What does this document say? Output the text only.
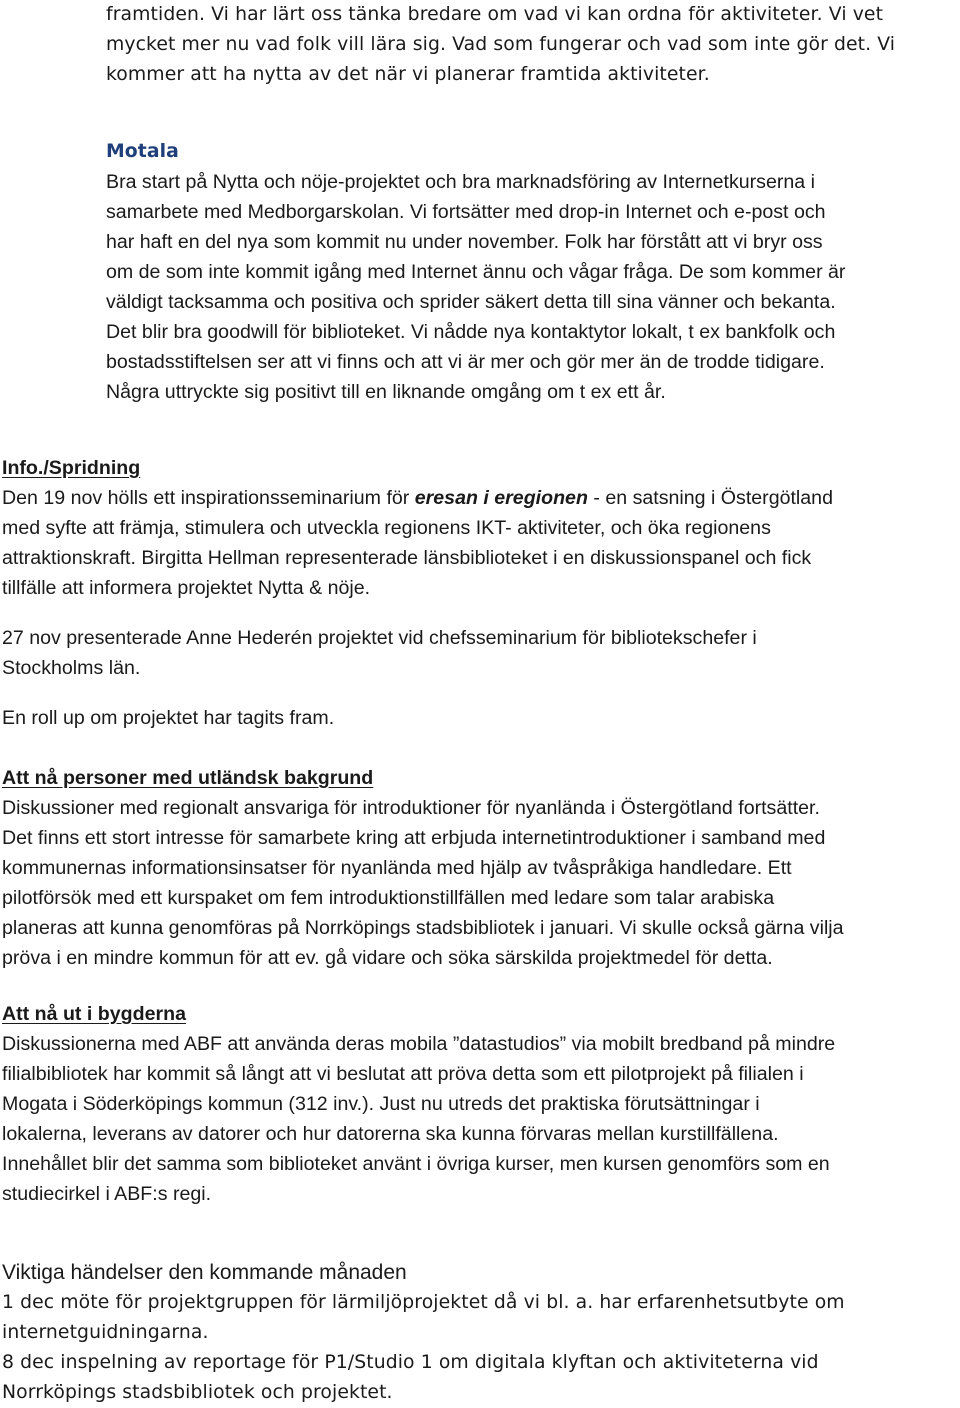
framtiden. Vi har lärt oss tänka bredare om vad vi kan ordna för aktiviteter. Vi vet
mycket mer nu vad folk vill lära sig. Vad som fungerar och vad som inte gör det. Vi
kommer att ha nytta av det när vi planerar framtida aktiviteter.
Motala
Bra start på Nytta och nöje-projektet och bra marknadsföring av Internetkurserna i
samarbete med Medborgarskolan. Vi fortsätter med drop-in Internet och e-post och
har haft en del nya som kommit nu under november. Folk har förstått att vi bryr oss
om de som inte kommit igång med Internet ännu och vågar fråga. De som kommer är
väldigt tacksamma och positiva och sprider säkert detta till sina vänner och bekanta.
Det blir bra goodwill för biblioteket. Vi nådde nya kontaktytor lokalt, t ex bankfolk och
bostadsstiftelsen ser att vi finns och att vi är mer och gör mer än de trodde tidigare.
Några uttryckte sig positivt till en liknande omgång om t ex ett år.
Info./Spridning
Den 19 nov hölls ett inspirationsseminarium för eresan i eregionen - en satsning i Östergötland
med syfte att främja, stimulera och utveckla regionens IKT- aktiviteter, och öka regionens
attraktionskraft. Birgitta Hellman representerade länsbiblioteket i en diskussionspanel och fick
tillfälle att informera projektet Nytta & nöje.
27 nov presenterade Anne Hederén projektet vid chefsseminarium för bibliotekschefer i
Stockholms län.
En roll up om projektet har tagits fram.
Att nå personer med utländsk bakgrund
Diskussioner med regionalt ansvariga för introduktioner för nyanlända i Östergötland fortsätter.
Det finns ett stort intresse för samarbete kring att erbjuda internetintroduktioner i samband med
kommunernas informationsinsatser för nyanlända med hjälp av tvåspråkiga handledare. Ett
pilotförsök med ett kurspaket om fem introduktionstillfällen med ledare som talar arabiska
planeras att kunna genomföras på Norrköpings stadsbibliotek i januari. Vi skulle också gärna vilja
pröva i en mindre kommun för att ev. gå vidare och söka särskilda projektmedel för detta.
Att nå ut i bygderna
Diskussionerna med ABF att använda deras mobila ”datastudios” via mobilt bredband på mindre
filialbibliotek har kommit så långt att vi beslutat att pröva detta som ett pilotprojekt på filialen i
Mogata i Söderköpings kommun (312 inv.). Just nu utreds det praktiska förutsättningar i
lokalerna, leverans av datorer och hur datorerna ska kunna förvaras mellan kurstillfällena.
Innehållet blir det samma som biblioteket använt i övriga kurser, men kursen genomförs som en
studiecirkel i ABF:s regi.
Viktiga händelser den kommande månaden
1 dec möte för projektgruppen för lärmiljöprojektet då vi bl. a. har erfarenhetsutbyte om
internetguidningarna.
8 dec inspelning av reportage för P1/Studio 1 om digitala klyftan och aktiviteterna vid
Norrköpings stadsbibliotek och projektet.
